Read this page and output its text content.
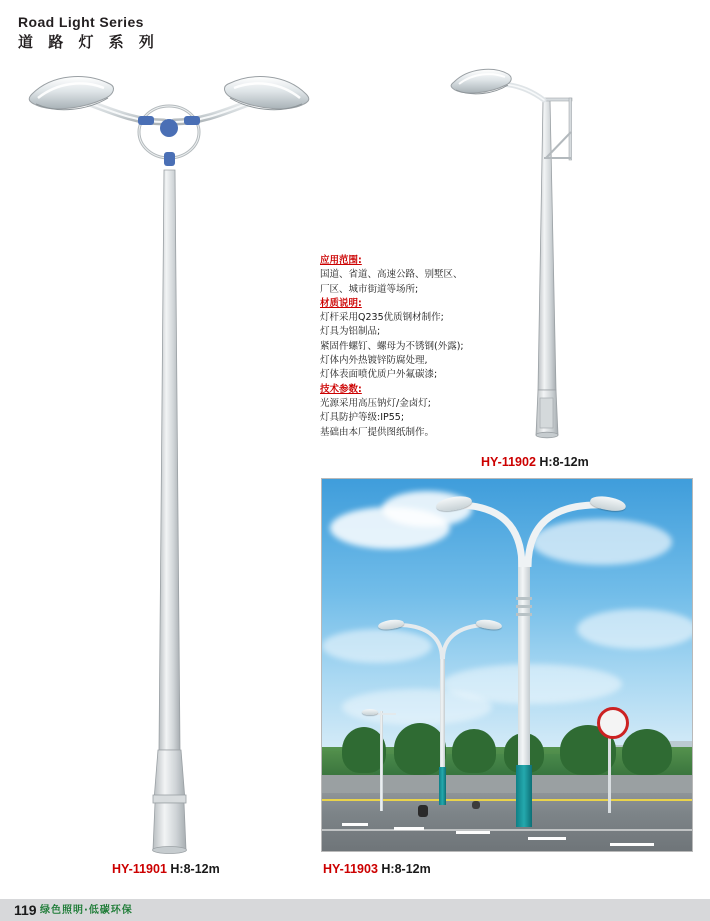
Road Light Series
道 路 灯 系 列
应用范围:
国道、省道、高速公路、别墅区、
厂区、城市街道等场所;
材质说明:
灯杆采用Q235优质钢材制作;
灯具为铝制品;
紧固件螺钉、螺母为不锈钢(外露);
灯体内外热镀锌防腐处理,
灯体表面喷优质户外氟碳漆;
技术参数:
光源采用高压钠灯/金卤灯;
灯具防护等级:IP55;
基础由本厂提供图纸制作。
HY-11902 H:8-12m
HY-11901 H:8-12m	HY-11903 H:8-12m
119 绿色照明·低碳环保
